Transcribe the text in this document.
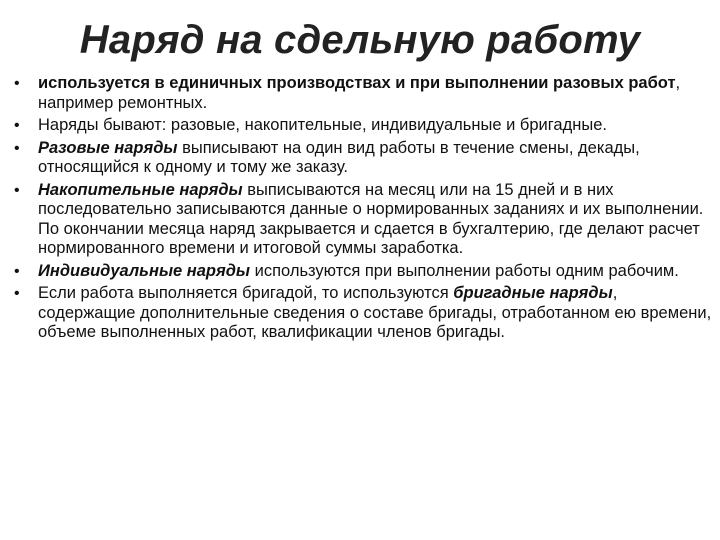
Наряд на сдельную работу
• используется в единичных производствах и при выполнении разовых работ, например ремонтных.
• Наряды бывают: разовые, накопительные, индивидуальные и бригадные.
• Разовые наряды выписывают на один вид работы в течение смены, декады, относящийся к одному и тому же заказу.
• Накопительные наряды выписываются на месяц или на 15 дней и в них последовательно записываются данные о нормированных заданиях и их выполнении. По окончании месяца наряд закрывается и сдается в бухгалтерию, где делают расчет нормированного времени и итоговой суммы заработка.
• Индивидуальные наряды используются при выполнении работы одним рабочим.
• Если работа выполняется бригадой, то используются бригадные наряды, содержащие дополнительные сведения о составе бригады, отработанном ею времени, объеме выполненных работ, квалификации членов бригады.
